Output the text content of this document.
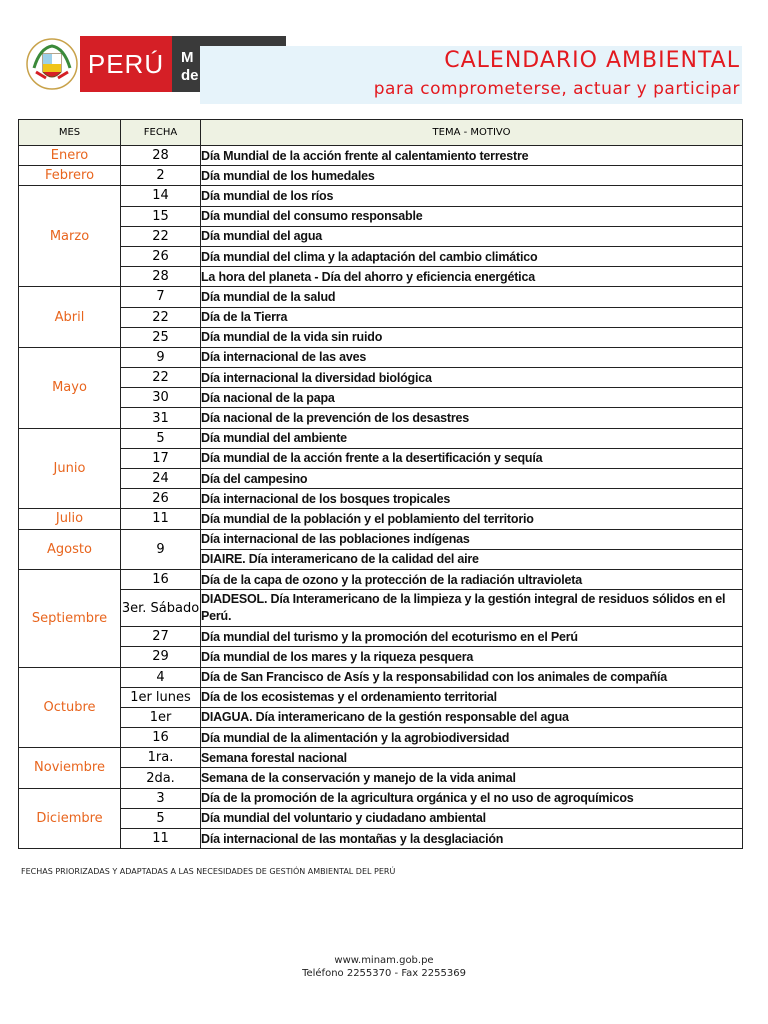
PERÚ M
de
CALENDARIO AMBIENTAL
para comprometerse, actuar y participar
MES	FECHA	TEMA - MOTIVO
Enero	28	Día Mundial de la acción frente al calentamiento terrestre
Febrero	2	Día mundial de los humedales
Marzo	14	Día mundial de los ríos
	15	Día mundial del consumo responsable
	22	Día mundial del agua
	26	Día mundial del clima y la adaptación del cambio climático
	28	La hora del planeta - Día del ahorro y eficiencia energética
Abril	7	Día mundial de la salud
	22	Día de la Tierra
	25	Día mundial de la vida sin ruido
Mayo	9	Día internacional de las aves
	22	Día internacional la diversidad biológica
	30	Día nacional de la papa
	31	Día nacional de la prevención de los desastres
Junio	5	Día mundial del ambiente
	17	Día mundial de la acción frente a la desertificación y sequía
	24	Día del campesino
	26	Día internacional de los bosques tropicales
Julio	11	Día mundial de la población y el poblamiento del territorio
Agosto	9	Día internacional de las poblaciones indígenas
		DIAIRE. Día interamericano de la calidad del aire
Septiembre	16	Día de la capa de ozono y la protección de la radiación ultravioleta
	3er. Sábado	DIADESOL. Día Interamericano de la limpieza y la gestión integral de residuos sólidos en el Perú.
	27	Día mundial del turismo y la promoción del ecoturismo en el Perú
	29	Día mundial de los mares y la riqueza pesquera
Octubre	4	Día de San Francisco de Asís y la responsabilidad con los animales de compañía
	1er lunes	Día de los ecosistemas y el ordenamiento territorial
	1er	DIAGUA. Día interamericano de la gestión responsable del agua
	16	Día mundial de la alimentación y la agrobiodiversidad
Noviembre	1ra.	Semana forestal nacional
	2da.	Semana de la conservación y manejo de la vida animal
Diciembre	3	Día de la promoción de la agricultura orgánica y el no uso de agroquímicos
	5	Día mundial del voluntario y ciudadano ambiental
	11	Día internacional de las montañas y la desglaciación
FECHAS PRIORIZADAS Y ADAPTADAS A LAS NECESIDADES DE GESTIÓN AMBIENTAL DEL PERÚ
www.minam.gob.pe
Teléfono 2255370 - Fax 2255369
